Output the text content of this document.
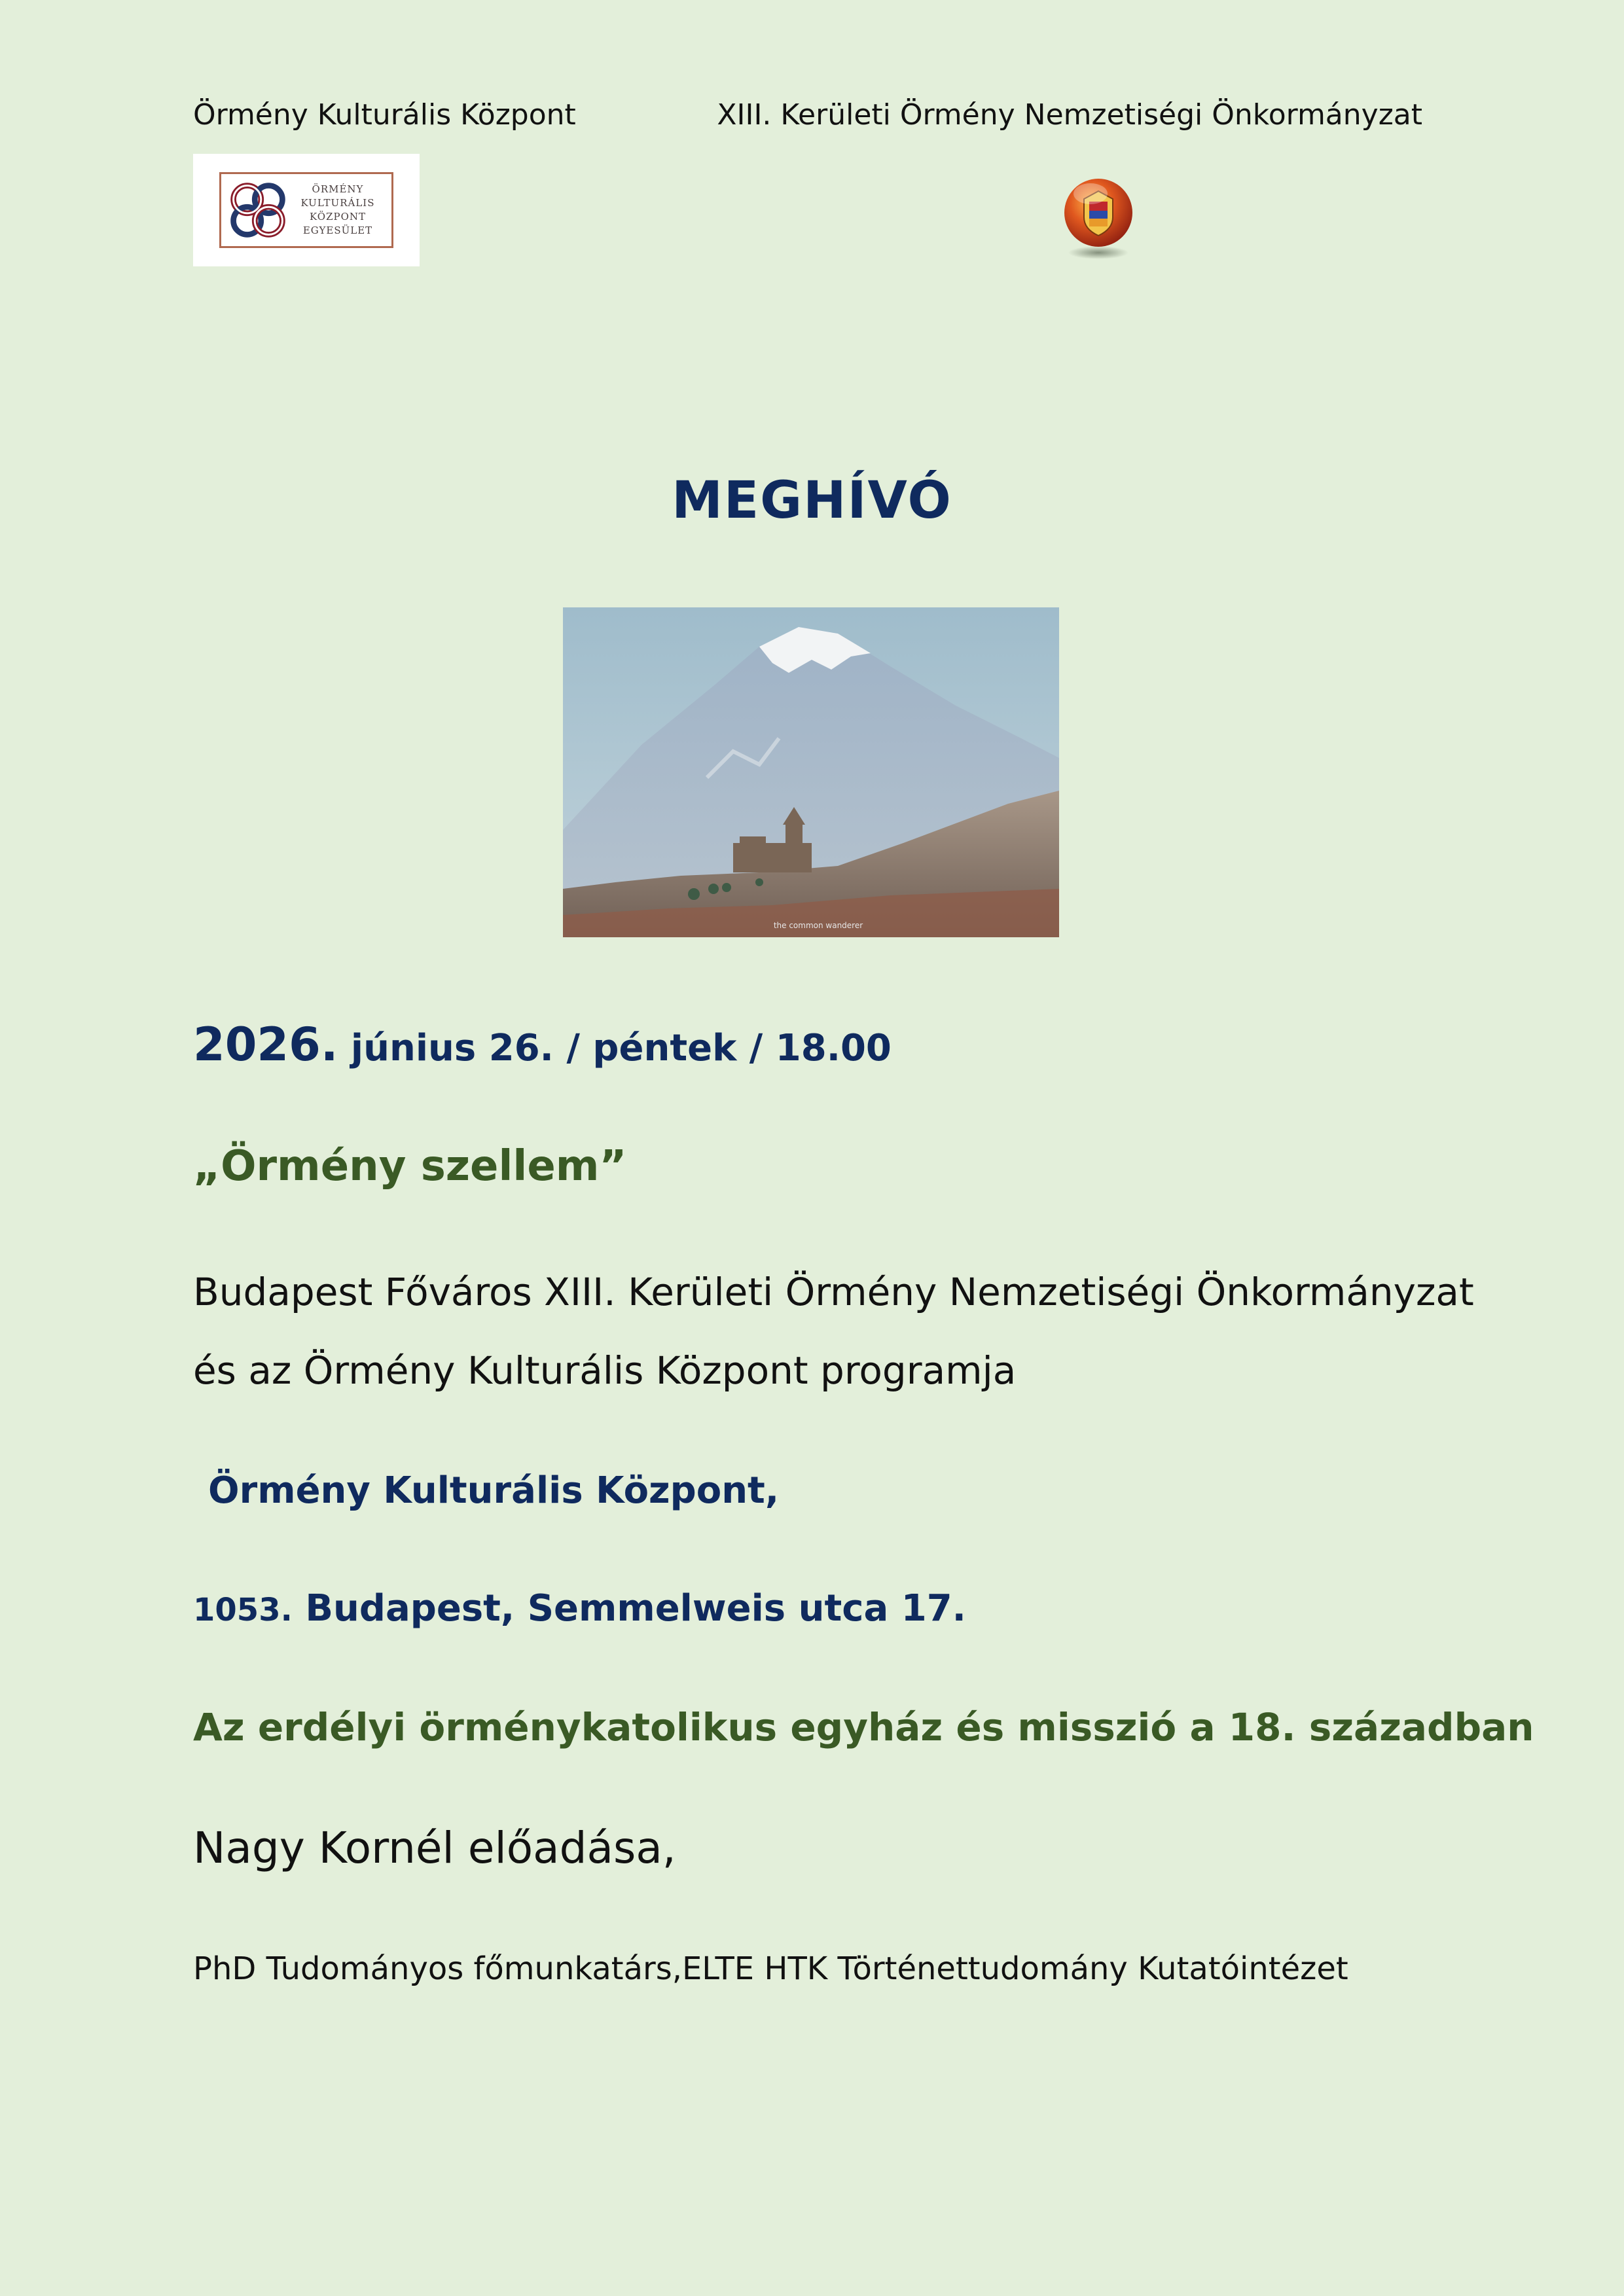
Örmény Kulturális Központ	XIII. Kerületi Örmény Nemzetiségi Önkormányzat
ÖRMÉNY
KULTURÁLIS
KÖZPONT
EGYESÜLET
MEGHÍVÓ
the common wanderer
2026. június 26. / péntek / 18.00
„Örmény szellem”
Budapest Főváros XIII. Kerületi Örmény Nemzetiségi Önkormányzat
és az Örmény Kulturális Központ programja
Örmény Kulturális Központ,
1053. Budapest, Semmelweis utca 17.
Az erdélyi örménykatolikus egyház és misszió a 18. században
Nagy Kornél előadása,
PhD Tudományos főmunkatárs,ELTE HTK Történettudomány Kutatóintézet
